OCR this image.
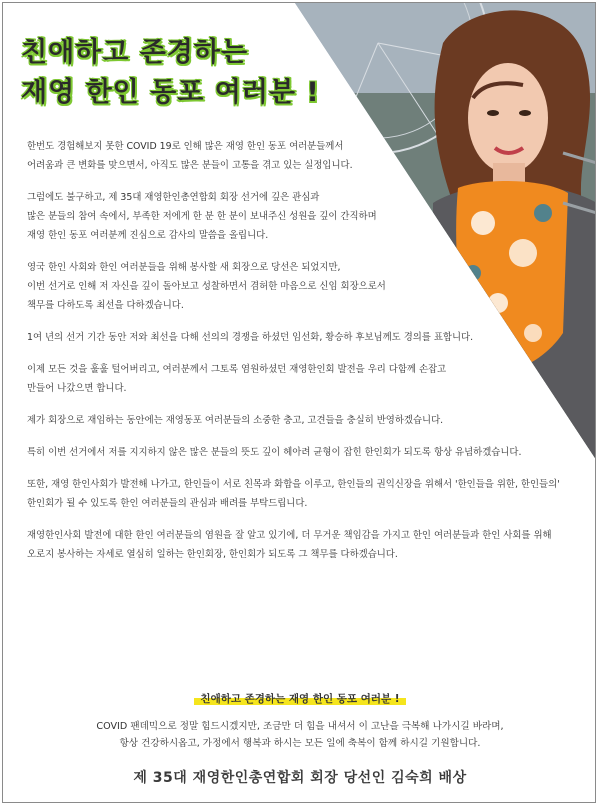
친애하고 존경하는
재영 한인 동포 여러분 !

한번도 경험해보지 못한 COVID 19로 인해 많은 재영 한인 동포 여러분들께서
어려움과 큰 변화를 맞으면서, 아직도 많은 분들이 고통을 겪고 있는 실정입니다.

그럼에도 불구하고, 제 35대 재영한인총연합회 회장 선거에 깊은 관심과
많은 분들의 참여 속에서, 부족한 저에게 한 분 한 분이 보내주신 성원을 깊이 간직하며
재영 한인 동포 여러분께 진심으로 감사의 말씀을 올립니다.

영국 한인 사회와 한인 여러분들을 위해 봉사할 새 회장으로 당선은 되었지만,
이번 선거로 인해 저 자신을 깊이 돌아보고 성찰하면서 겸허한 마음으로 신임 회장으로서
책무를 다하도록 최선을 다하겠습니다.

1여 년의 선거 기간 동안 저와 최선을 다해 선의의 경쟁을 하셨던 임선화, 황승하 후보님께도 경의를 표합니다.

이제 모든 것을 훌훌 털어버리고, 여러분께서 그토록 염원하셨던 재영한인회 발전을 우리 다함께 손잡고
만들어 나갔으면 합니다.

제가 회장으로 재임하는 동안에는 재영동포 여러분들의 소중한 충고, 고견들을 충실히 반영하겠습니다.

특히 이번 선거에서 저를 지지하지 않은 많은 분들의 뜻도 깊이 헤아려 균형이 잡힌 한인회가 되도록 항상 유념하겠습니다.

또한, 재영 한인사회가 발전해 나가고, 한인들이 서로 친목과 화합을 이루고, 한인들의 권익신장을 위해서 '한인들을 위한, 한인들의'
한인회가 될 수 있도록 한인 여러분들의 관심과 배려를 부탁드립니다.

재영한인사회 발전에 대한 한인 여러분들의 염원을 잘 알고 있기에, 더 무거운 책임감을 가지고 한인 여러분들과 한인 사회를 위해
오로지 봉사하는 자세로 열심히 일하는 한인회장, 한인회가 되도록 그 책무를 다하겠습니다.

친애하고 존경하는 재영 한인 동포 여러분 !
COVID 팬데믹으로 정말 힘드시겠지만, 조금만 더 힘을 내셔서 이 고난을 극복해 나가시길 바라며,
항상 건강하시옵고, 가정에서 행복과 하시는 모든 일에 축복이 함께 하시길 기원합니다.
제 35대 재영한인총연합회 회장 당선인 김숙희 배상
